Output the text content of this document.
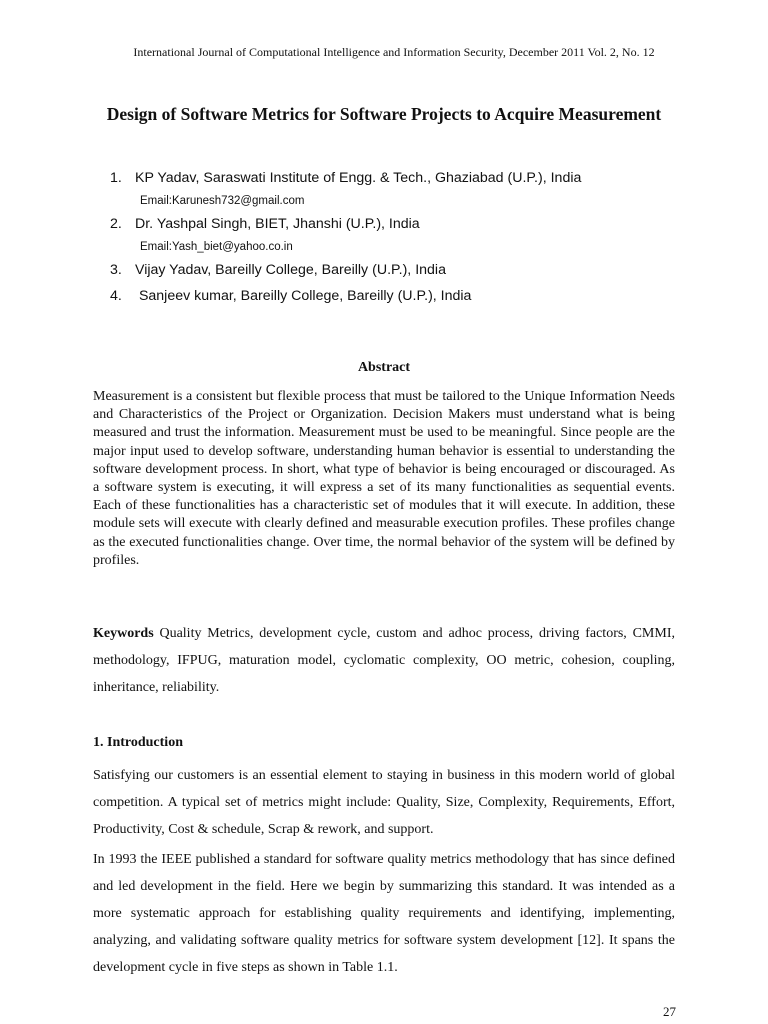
International Journal of Computational Intelligence and Information Security, December 2011 Vol. 2, No. 12
Design of Software Metrics for Software Projects to Acquire Measurement
1. KP Yadav, Saraswati Institute of Engg. & Tech., Ghaziabad (U.P.), India
Email:Karunesh732@gmail.com
2. Dr. Yashpal Singh, BIET, Jhanshi (U.P.), India
Email:Yash_biet@yahoo.co.in
3. Vijay Yadav, Bareilly College, Bareilly (U.P.), India
4. Sanjeev kumar, Bareilly College, Bareilly (U.P.), India
Abstract
Measurement is a consistent but flexible process that must be tailored to the Unique Information Needs and Characteristics of the Project or Organization. Decision Makers must understand what is being measured and trust the information. Measurement must be used to be meaningful. Since people are the major input used to develop software, understanding human behavior is essential to understanding the software development process. In short, what type of behavior is being encouraged or discouraged. As a software system is executing, it will express a set of its many functionalities as sequential events. Each of these functionalities has a characteristic set of modules that it will execute. In addition, these module sets will execute with clearly defined and measurable execution profiles. These profiles change as the executed functionalities change. Over time, the normal behavior of the system will be defined by profiles.
Keywords Quality Metrics, development cycle, custom and adhoc process, driving factors, CMMI, methodology, IFPUG, maturation model, cyclomatic complexity, OO metric, cohesion, coupling, inheritance, reliability.
1. Introduction
Satisfying our customers is an essential element to staying in business in this modern world of global competition. A typical set of metrics might include: Quality, Size, Complexity, Requirements, Effort, Productivity, Cost & schedule, Scrap & rework, and support.
In 1993 the IEEE published a standard for software quality metrics methodology that has since defined and led development in the field. Here we begin by summarizing this standard. It was intended as a more systematic approach for establishing quality requirements and identifying, implementing, analyzing, and validating software quality metrics for software system development [12]. It spans the development cycle in five steps as shown in Table 1.1.
27
